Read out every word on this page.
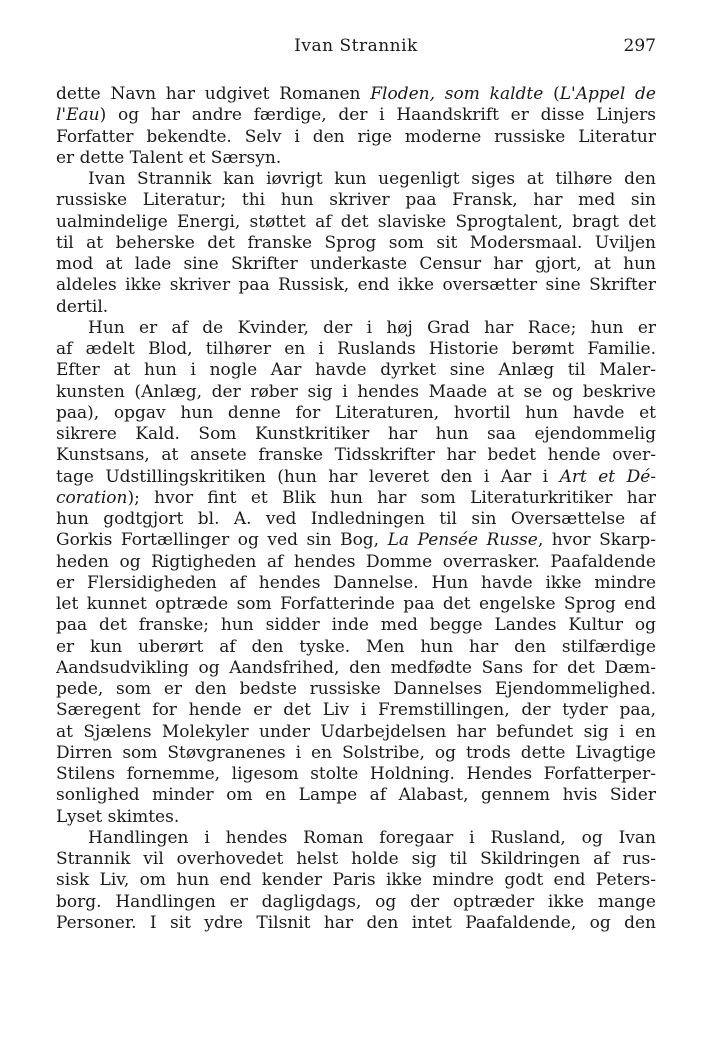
Ivan Strannik	297
dette Navn har udgivet Romanen Floden, som kaldte (L'Appel de
l'Eau) og har andre færdige, der i Haandskrift er disse Linjers
Forfatter bekendte. Selv i den rige moderne russiske Literatur
er dette Talent et Særsyn.
Ivan Strannik kan iøvrigt kun uegenligt siges at tilhøre den
russiske Literatur; thi hun skriver paa Fransk, har med sin
ualmindelige Energi, støttet af det slaviske Sprogtalent, bragt det
til at beherske det franske Sprog som sit Modersmaal. Uviljen
mod at lade sine Skrifter underkaste Censur har gjort, at hun
aldeles ikke skriver paa Russisk, end ikke oversætter sine Skrifter
dertil.
Hun er af de Kvinder, der i høj Grad har Race; hun er
af ædelt Blod, tilhører en i Ruslands Historie berømt Familie.
Efter at hun i nogle Aar havde dyrket sine Anlæg til Maler-
kunsten (Anlæg, der røber sig i hendes Maade at se og beskrive
paa), opgav hun denne for Literaturen, hvortil hun havde et
sikrere Kald. Som Kunstkritiker har hun saa ejendommelig
Kunstsans, at ansete franske Tidsskrifter har bedet hende over-
tage Udstillingskritiken (hun har leveret den i Aar i Art et Dé-
coration); hvor fint et Blik hun har som Literaturkritiker har
hun godtgjort bl. A. ved Indledningen til sin Oversættelse af
Gorkis Fortællinger og ved sin Bog, La Pensée Russe, hvor Skarp-
heden og Rigtigheden af hendes Domme overrasker. Paafaldende
er Flersidigheden af hendes Dannelse. Hun havde ikke mindre
let kunnet optræde som Forfatterinde paa det engelske Sprog end
paa det franske; hun sidder inde med begge Landes Kultur og
er kun uberørt af den tyske. Men hun har den stilfærdige
Aandsudvikling og Aandsfrihed, den medfødte Sans for det Dæm-
pede, som er den bedste russiske Dannelses Ejendommelighed.
Særegent for hende er det Liv i Fremstillingen, der tyder paa,
at Sjælens Molekyler under Udarbejdelsen har befundet sig i en
Dirren som Støvgranenes i en Solstribe, og trods dette Livagtige
Stilens fornemme, ligesom stolte Holdning. Hendes Forfatterper-
sonlighed minder om en Lampe af Alabast, gennem hvis Sider
Lyset skimtes.
Handlingen i hendes Roman foregaar i Rusland, og Ivan
Strannik vil overhovedet helst holde sig til Skildringen af rus-
sisk Liv, om hun end kender Paris ikke mindre godt end Peters-
borg. Handlingen er dagligdags, og der optræder ikke mange
Personer. I sit ydre Tilsnit har den intet Paafaldende, og den
